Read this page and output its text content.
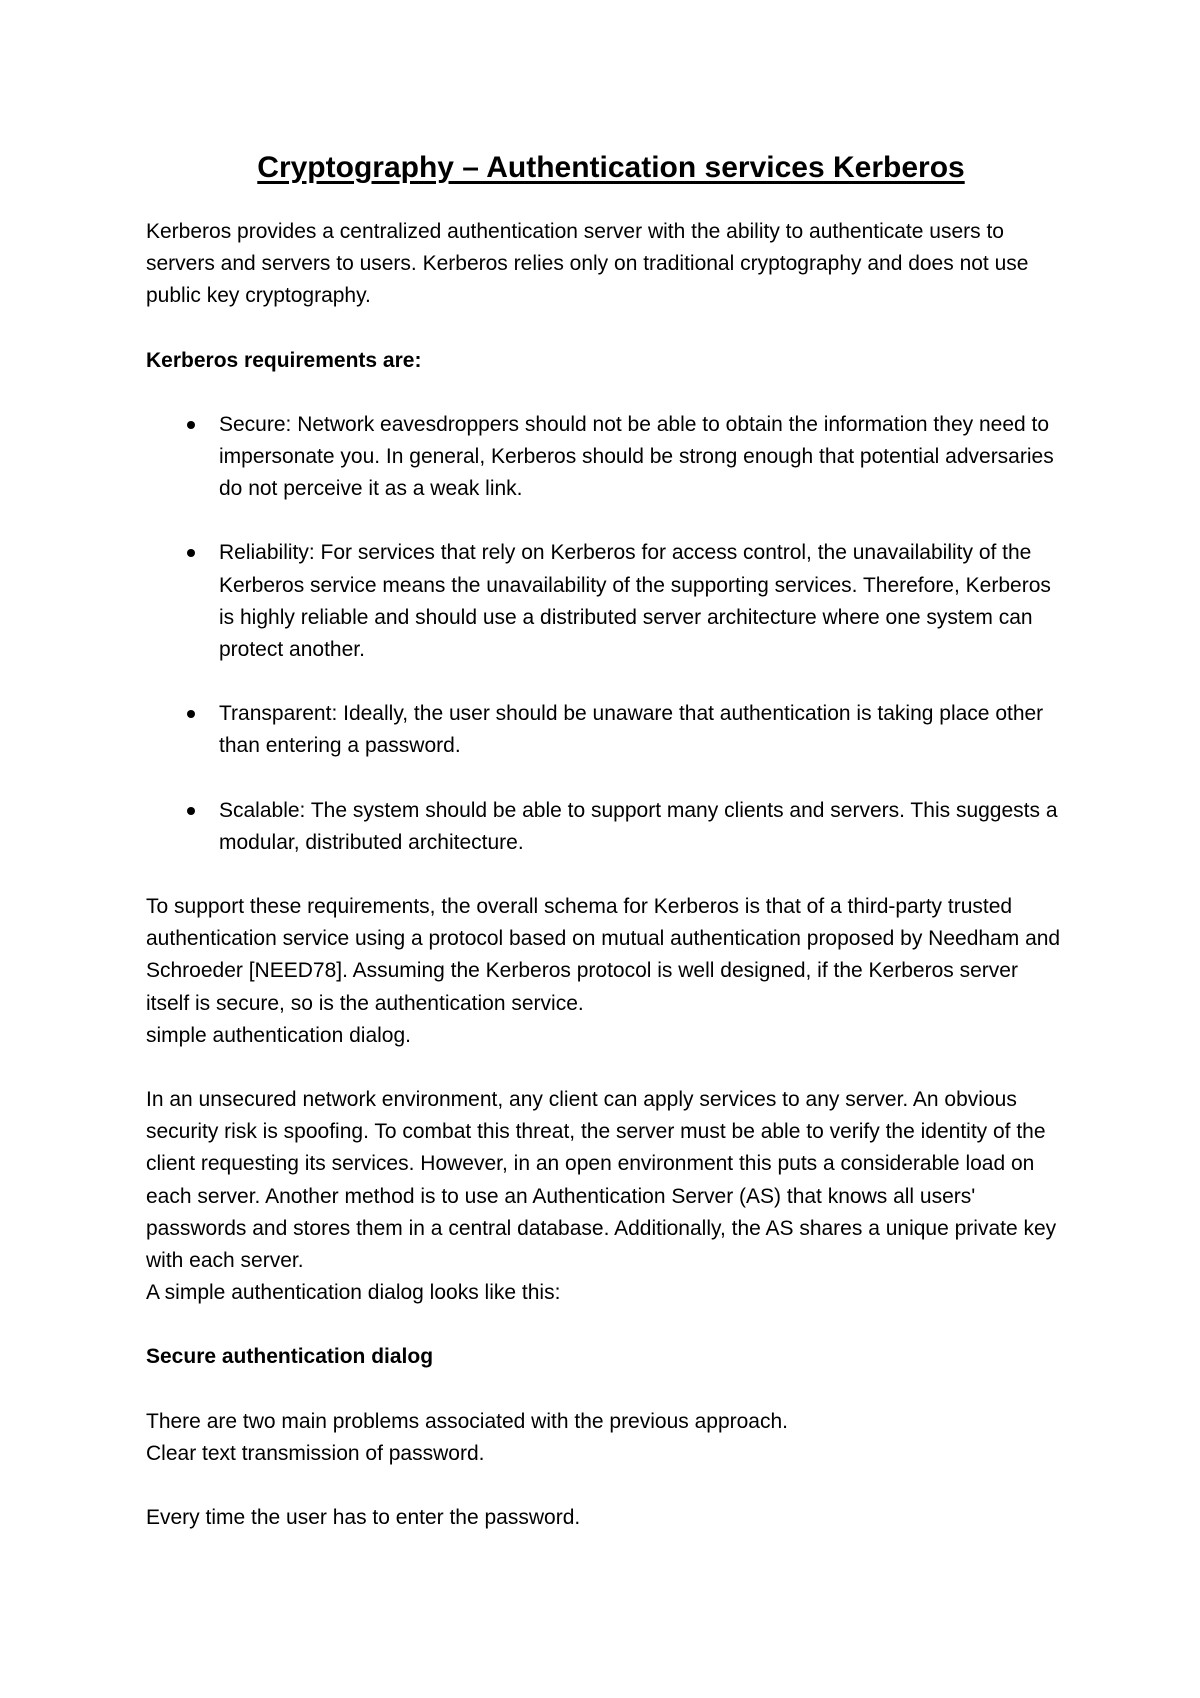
Cryptography – Authentication services Kerberos

Kerberos provides a centralized authentication server with the ability to authenticate users to servers and servers to users. Kerberos relies only on traditional cryptography and does not use public key cryptography.

Kerberos requirements are:

Secure: Network eavesdroppers should not be able to obtain the information they need to impersonate you. In general, Kerberos should be strong enough that potential adversaries do not perceive it as a weak link.
Reliability: For services that rely on Kerberos for access control, the unavailability of the Kerberos service means the unavailability of the supporting services. Therefore, Kerberos is highly reliable and should use a distributed server architecture where one system can protect another.
Transparent: Ideally, the user should be unaware that authentication is taking place other than entering a password.
Scalable: The system should be able to support many clients and servers. This suggests a modular, distributed architecture.

To support these requirements, the overall schema for Kerberos is that of a third-party trusted authentication service using a protocol based on mutual authentication proposed by Needham and Schroeder [NEED78]. Assuming the Kerberos protocol is well designed, if the Kerberos server itself is secure, so is the authentication service.
simple authentication dialog.

In an unsecured network environment, any client can apply services to any server. An obvious security risk is spoofing. To combat this threat, the server must be able to verify the identity of the client requesting its services. However, in an open environment this puts a considerable load on each server. Another method is to use an Authentication Server (AS) that knows all users' passwords and stores them in a central database. Additionally, the AS shares a unique private key with each server.
A simple authentication dialog looks like this:

Secure authentication dialog

There are two main problems associated with the previous approach.
Clear text transmission of password.

Every time the user has to enter the password.
